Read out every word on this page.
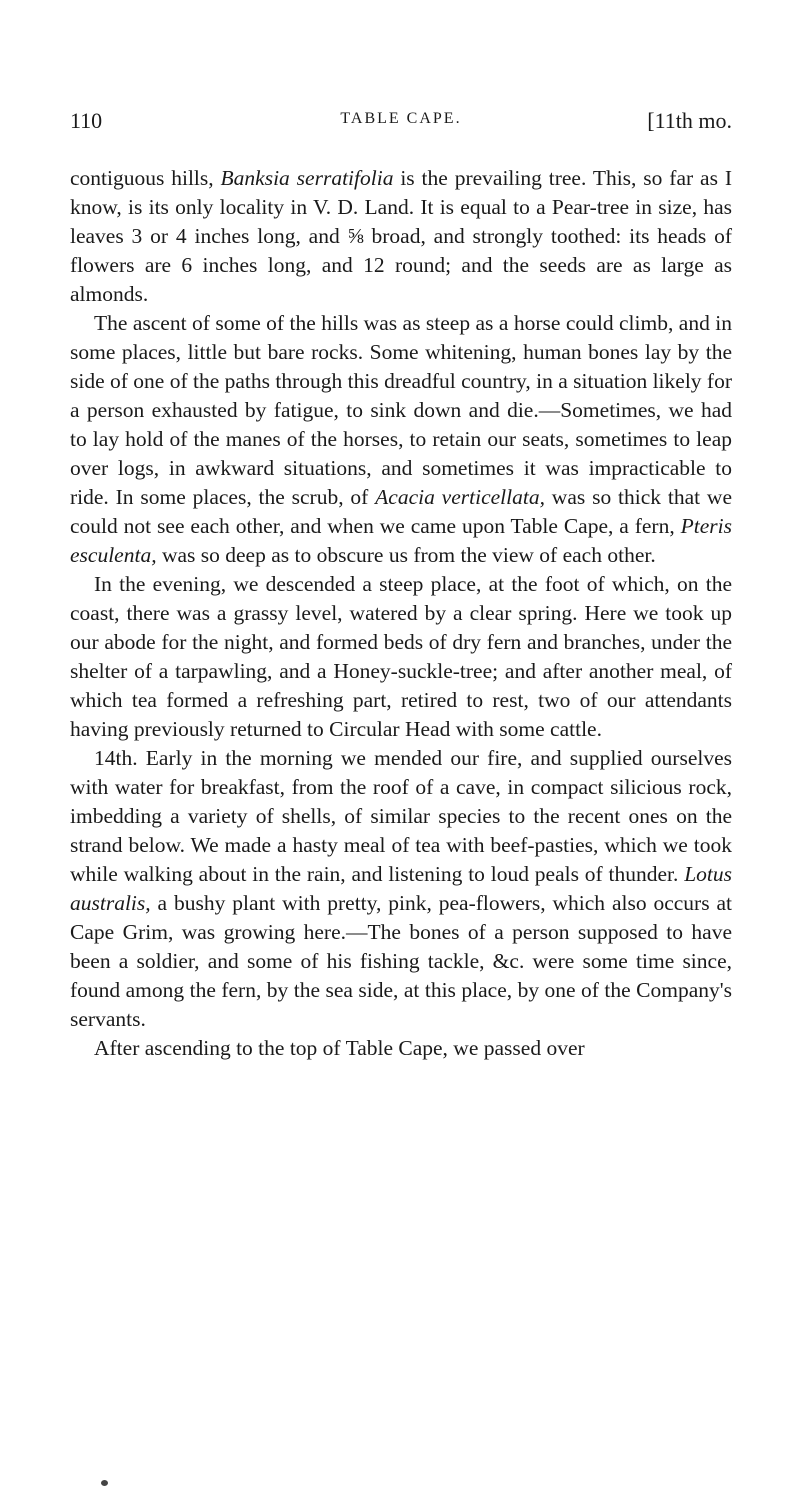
110	TABLE CAPE.	[11th mo.

contiguous hills, Banksia serratifolia is the prevailing tree. This, so far as I know, is its only locality in V. D. Land. It is equal to a Pear-tree in size, has leaves 3 or 4 inches long, and ⅝ broad, and strongly toothed: its heads of flowers are 6 inches long, and 12 round; and the seeds are as large as almonds.

The ascent of some of the hills was as steep as a horse could climb, and in some places, little but bare rocks. Some whitening, human bones lay by the side of one of the paths through this dreadful country, in a situation likely for a person exhausted by fatigue, to sink down and die.—Sometimes, we had to lay hold of the manes of the horses, to retain our seats, sometimes to leap over logs, in awkward situations, and sometimes it was impracticable to ride. In some places, the scrub, of Acacia verticellata, was so thick that we could not see each other, and when we came upon Table Cape, a fern, Pteris esculenta, was so deep as to obscure us from the view of each other.

In the evening, we descended a steep place, at the foot of which, on the coast, there was a grassy level, watered by a clear spring. Here we took up our abode for the night, and formed beds of dry fern and branches, under the shelter of a tarpawling, and a Honey-suckle-tree; and after another meal, of which tea formed a refreshing part, retired to rest, two of our attendants having previously returned to Circular Head with some cattle.

14th. Early in the morning we mended our fire, and supplied ourselves with water for breakfast, from the roof of a cave, in compact silicious rock, imbedding a variety of shells, of similar species to the recent ones on the strand below. We made a hasty meal of tea with beef-pasties, which we took while walking about in the rain, and listening to loud peals of thunder. Lotus australis, a bushy plant with pretty, pink, pea-flowers, which also occurs at Cape Grim, was growing here.—The bones of a person supposed to have been a soldier, and some of his fishing tackle, &c. were some time since, found among the fern, by the sea side, at this place, by one of the Company's servants.

After ascending to the top of Table Cape, we passed over
